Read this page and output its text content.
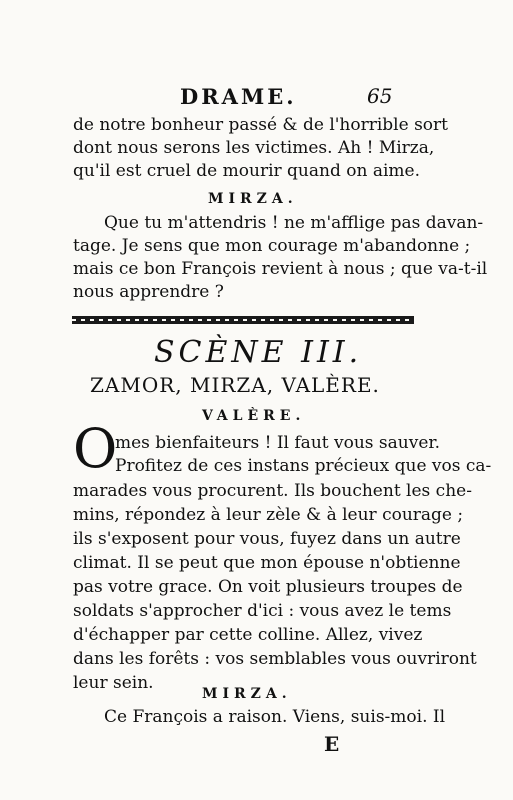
DRAME.	65
de notre bonheur passé & de l'horrible sort
dont nous serons les victimes. Ah ! Mirza,
qu'il est cruel de mourir quand on aime.
MIRZA.
Que tu m'attendris ! ne m'afflige pas davan-
tage. Je sens que mon courage m'abandonne ;
mais ce bon François revient à nous ; que va-t-il
nous apprendre ?
SCÈNE III.
ZAMOR, MIRZA, VALÈRE.
VALÈRE.
O
mes bienfaiteurs ! Il faut vous sauver.
Profitez de ces instans précieux que vos ca-
marades vous procurent. Ils bouchent les che-
mins, répondez à leur zèle & à leur courage ;
ils s'exposent pour vous, fuyez dans un autre
climat. Il se peut que mon épouse n'obtienne
pas votre grace. On voit plusieurs troupes de
soldats s'approcher d'ici : vous avez le tems
d'échapper par cette colline. Allez, vivez
dans les forêts : vos semblables vous ouvriront
leur sein.
MIRZA.
Ce François a raison. Viens, suis-moi. Il
E
